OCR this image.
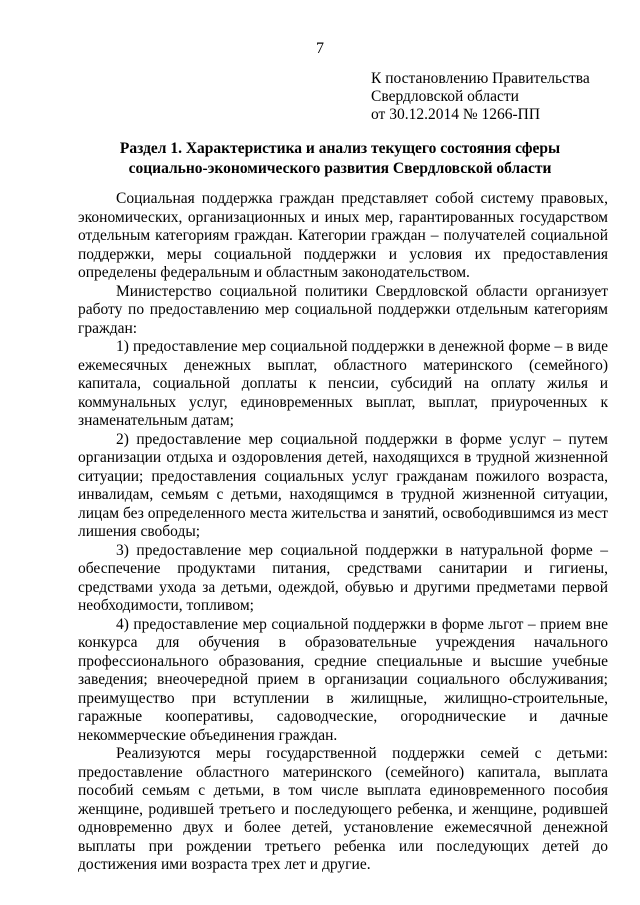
7
К постановлению Правительства
Свердловской области
от 30.12.2014 № 1266-ПП
Раздел 1. Характеристика и анализ текущего состояния сферы
социально-экономического развития Свердловской области

Социальная поддержка граждан представляет собой систему правовых, экономических, организационных и иных мер, гарантированных государством отдельным категориям граждан. Категории граждан – получателей социальной поддержки, меры социальной поддержки и условия их предоставления определены федеральным и областным законодательством.

Министерство социальной политики Свердловской области организует работу по предоставлению мер социальной поддержки отдельным категориям граждан:

1) предоставление мер социальной поддержки в денежной форме – в виде ежемесячных денежных выплат, областного материнского (семейного) капитала, социальной доплаты к пенсии, субсидий на оплату жилья и коммунальных услуг, единовременных выплат, выплат, приуроченных к знаменательным датам;

2) предоставление мер социальной поддержки в форме услуг – путем организации отдыха и оздоровления детей, находящихся в трудной жизненной ситуации; предоставления социальных услуг гражданам пожилого возраста, инвалидам, семьям с детьми, находящимся в трудной жизненной ситуации, лицам без определенного места жительства и занятий, освободившимся из мест лишения свободы;

3) предоставление мер социальной поддержки в натуральной форме – обеспечение продуктами питания, средствами санитарии и гигиены, средствами ухода за детьми, одеждой, обувью и другими предметами первой необходимости, топливом;

4) предоставление мер социальной поддержки в форме льгот – прием вне конкурса для обучения в образовательные учреждения начального профессионального образования, средние специальные и высшие учебные заведения; внеочередной прием в организации социального обслуживания; преимущество при вступлении в жилищные, жилищно-строительные, гаражные кооперативы, садоводческие, огороднические и дачные некоммерческие объединения граждан.

Реализуются меры государственной поддержки семей с детьми: предоставление областного материнского (семейного) капитала, выплата пособий семьям с детьми, в том числе выплата единовременного пособия женщине, родившей третьего и последующего ребенка, и женщине, родившей одновременно двух и более детей, установление ежемесячной денежной выплаты при рождении третьего ребенка или последующих детей до достижения ими возраста трех лет и другие.
